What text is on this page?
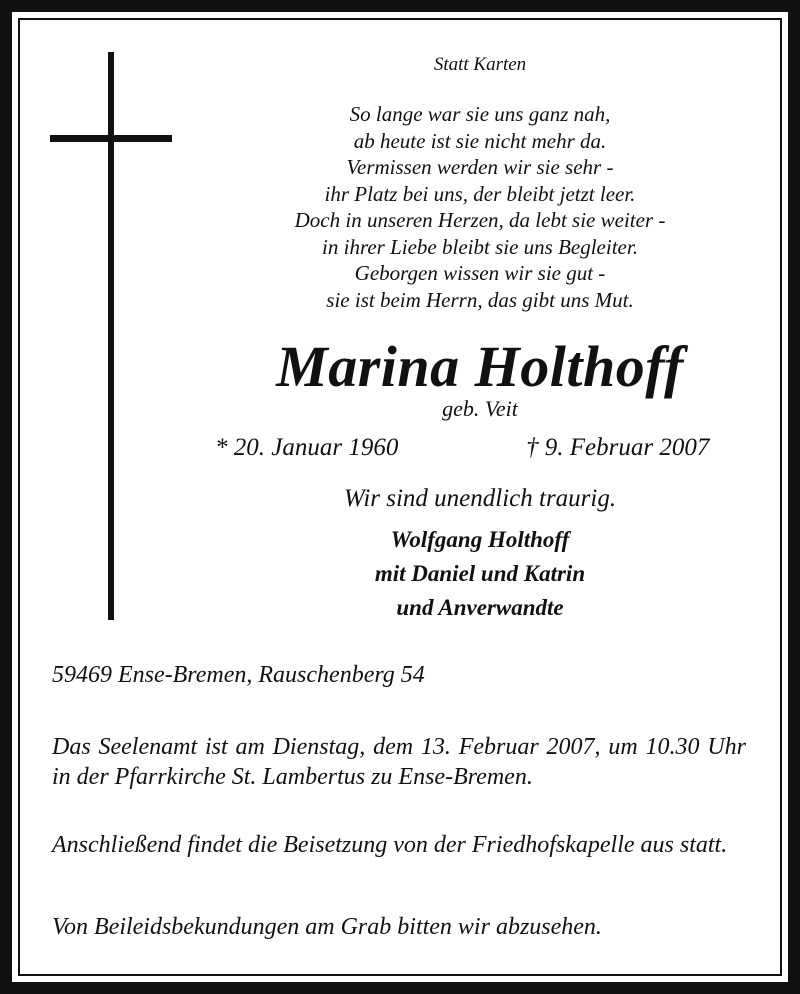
Statt Karten
So lange war sie uns ganz nah,
ab heute ist sie nicht mehr da.
Vermissen werden wir sie sehr -
ihr Platz bei uns, der bleibt jetzt leer.
Doch in unseren Herzen, da lebt sie weiter -
in ihrer Liebe bleibt sie uns Begleiter.
Geborgen wissen wir sie gut -
sie ist beim Herrn, das gibt uns Mut.
Marina Holthoff
geb. Veit
* 20. Januar 1960	† 9. Februar 2007
Wir sind unendlich traurig.
Wolfgang Holthoff
mit Daniel und Katrin
und Anverwandte
59469 Ense-Bremen, Rauschenberg 54
Das Seelenamt ist am Dienstag, dem 13. Februar 2007, um 10.30 Uhr in der Pfarrkirche St. Lambertus zu Ense-Bremen.
Anschließend findet die Beisetzung von der Friedhofskapelle aus statt.
Von Beileidsbekundungen am Grab bitten wir abzusehen.
